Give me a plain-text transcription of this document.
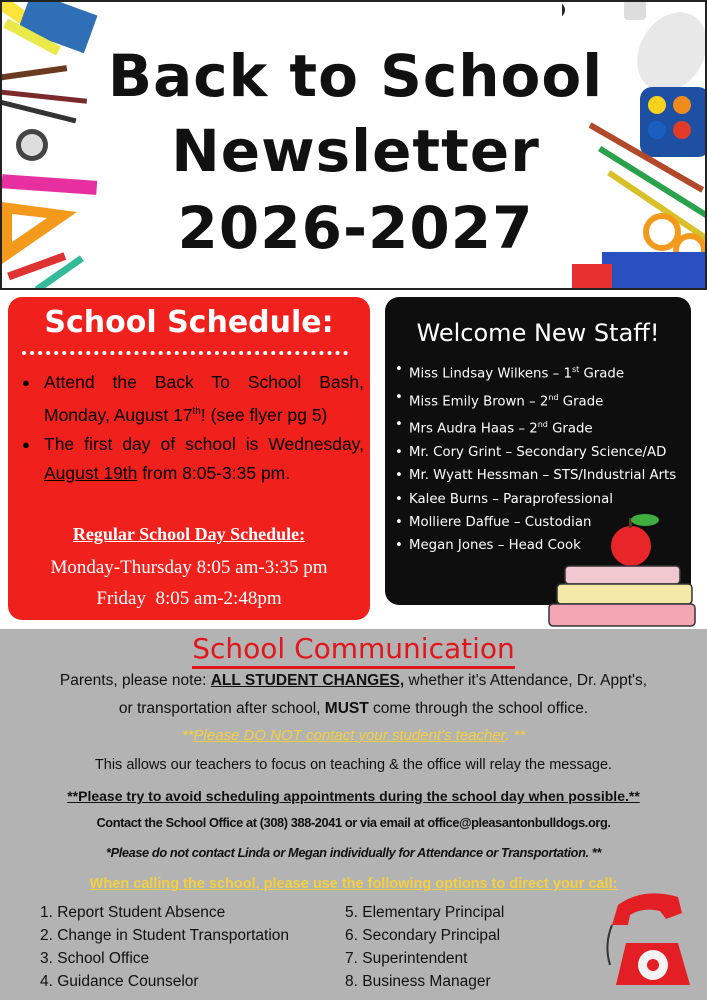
Back to School
Newsletter
2026-2027
School Schedule:
● Attend the Back To School Bash, Monday, August 17th! (see flyer pg 5)
● The first day of school is Wednesday, August 19th from 8:05-3:35 pm.
Regular School Day Schedule:
Monday-Thursday 8:05 am-3:35 pm
Friday  8:05 am-2:48pm
Welcome New Staff!
• Miss Lindsay Wilkens – 1st Grade
• Miss Emily Brown – 2nd Grade
• Mrs Audra Haas – 2nd Grade
• Mr. Cory Grint – Secondary Science/AD
• Mr. Wyatt Hessman – STS/Industrial Arts
• Kalee Burns – Paraprofessional
• Molliere Daffue – Custodian
• Megan Jones – Head Cook
School Communication
Parents, please note: ALL STUDENT CHANGES, whether it's Attendance, Dr. Appt's,
or transportation after school, MUST come through the school office.
**Please DO NOT contact your student's teacher. **
This allows our teachers to focus on teaching & the office will relay the message.
**Please try to avoid scheduling appointments during the school day when possible.**
Contact the School Office at (308) 388-2041 or via email at office@pleasantonbulldogs.org.
*Please do not contact Linda or Megan individually for Attendance or Transportation. **
When calling the school, please use the following options to direct your call:
1. Report Student Absence
2. Change in Student Transportation
3. School Office
4. Guidance Counselor
5. Elementary Principal
6. Secondary Principal
7. Superintendent
8. Business Manager
